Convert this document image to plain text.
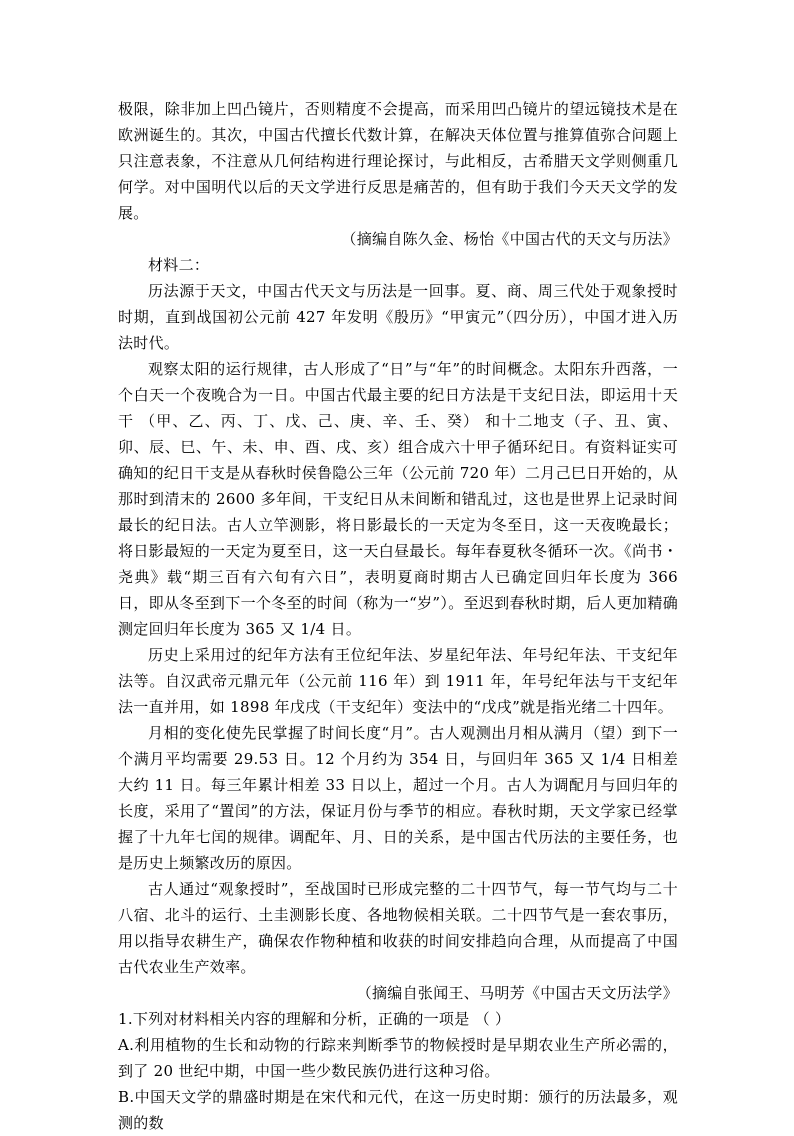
极限，除非加上凹凸镜片，否则精度不会提高，而采用凹凸镜片的望远镜技术是在欧洲诞生的。其次，中国古代擅长代数计算，在解决天体位置与推算值弥合问题上只注意表象，不注意从几何结构进行理论探讨，与此相反，古希腊天文学则侧重几何学。对中国明代以后的天文学进行反思是痛苦的，但有助于我们今天天文学的发展。

（摘编自陈久金、杨怡《中国古代的天文与历法》

材料二：

历法源于天文，中国古代天文与历法是一回事。夏、商、周三代处于观象授时时期，直到战国初公元前 427 年发明《殷历》“甲寅元”（四分历），中国才进入历法时代。

观察太阳的运行规律，古人形成了“日”与“年”的时间概念。太阳东升西落，一个白天一个夜晚合为一日。中国古代最主要的纪日方法是干支纪日法，即运用十天干 （甲、乙、丙、丁、戊、己、庚、辛、壬、癸） 和十二地支（子、丑、寅、卯、辰、巳、午、未、申、酉、戌、亥）组合成六十甲子循环纪日。有资料证实可确知的纪日干支是从春秋时侯鲁隐公三年（公元前 720 年）二月己巳日开始的，从那时到清末的 2600 多年间，干支纪日从未间断和错乱过，这也是世界上记录时间最长的纪日法。古人立竿测影，将日影最长的一天定为冬至日，这一天夜晚最长；将日影最短的一天定为夏至日，这一天白昼最长。每年春夏秋冬循环一次。《尚书・尧典》载“期三百有六旬有六日”，表明夏商时期古人已确定回归年长度为 366 日，即从冬至到下一个冬至的时间（称为一“岁”）。至迟到春秋时期，后人更加精确测定回归年长度为 365 又 1/4 日。

历史上采用过的纪年方法有王位纪年法、岁星纪年法、年号纪年法、干支纪年法等。自汉武帝元鼎元年（公元前 116 年）到 1911 年，年号纪年法与干支纪年法一直并用，如 1898 年戊戌（干支纪年）变法中的“戊戌”就是指光绪二十四年。

月相的变化使先民掌握了时间长度“月”。古人观测出月相从满月（望）到下一个满月平均需要 29.53 日。12 个月约为 354 日，与回归年 365 又 1/4 日相差大约 11 日。每三年累计相差 33 日以上，超过一个月。古人为调配月与回归年的长度，采用了“置闰”的方法，保证月份与季节的相应。春秋时期，天文学家已经掌握了十九年七闰的规律。调配年、月、日的关系，是中国古代历法的主要任务，也是历史上频繁改历的原因。

古人通过“观象授时”，至战国时已形成完整的二十四节气，每一节气均与二十八宿、北斗的运行、土圭测影长度、各地物候相关联。二十四节气是一套农事历，用以指导农耕生产，确保农作物种植和收获的时间安排趋向合理，从而提高了中国古代农业生产效率。

（摘编自张闻王、马明芳《中国古天文历法学》

1.下列对材料相关内容的理解和分析，正确的一项是 （ ）

A.利用植物的生长和动物的行踪来判断季节的物候授时是早期农业生产所必需的，到了 20 世纪中期，中国一些少数民族仍进行这种习俗。

B.中国天文学的鼎盛时期是在宋代和元代，在这一历史时期：颁行的历法最多，观测的数
